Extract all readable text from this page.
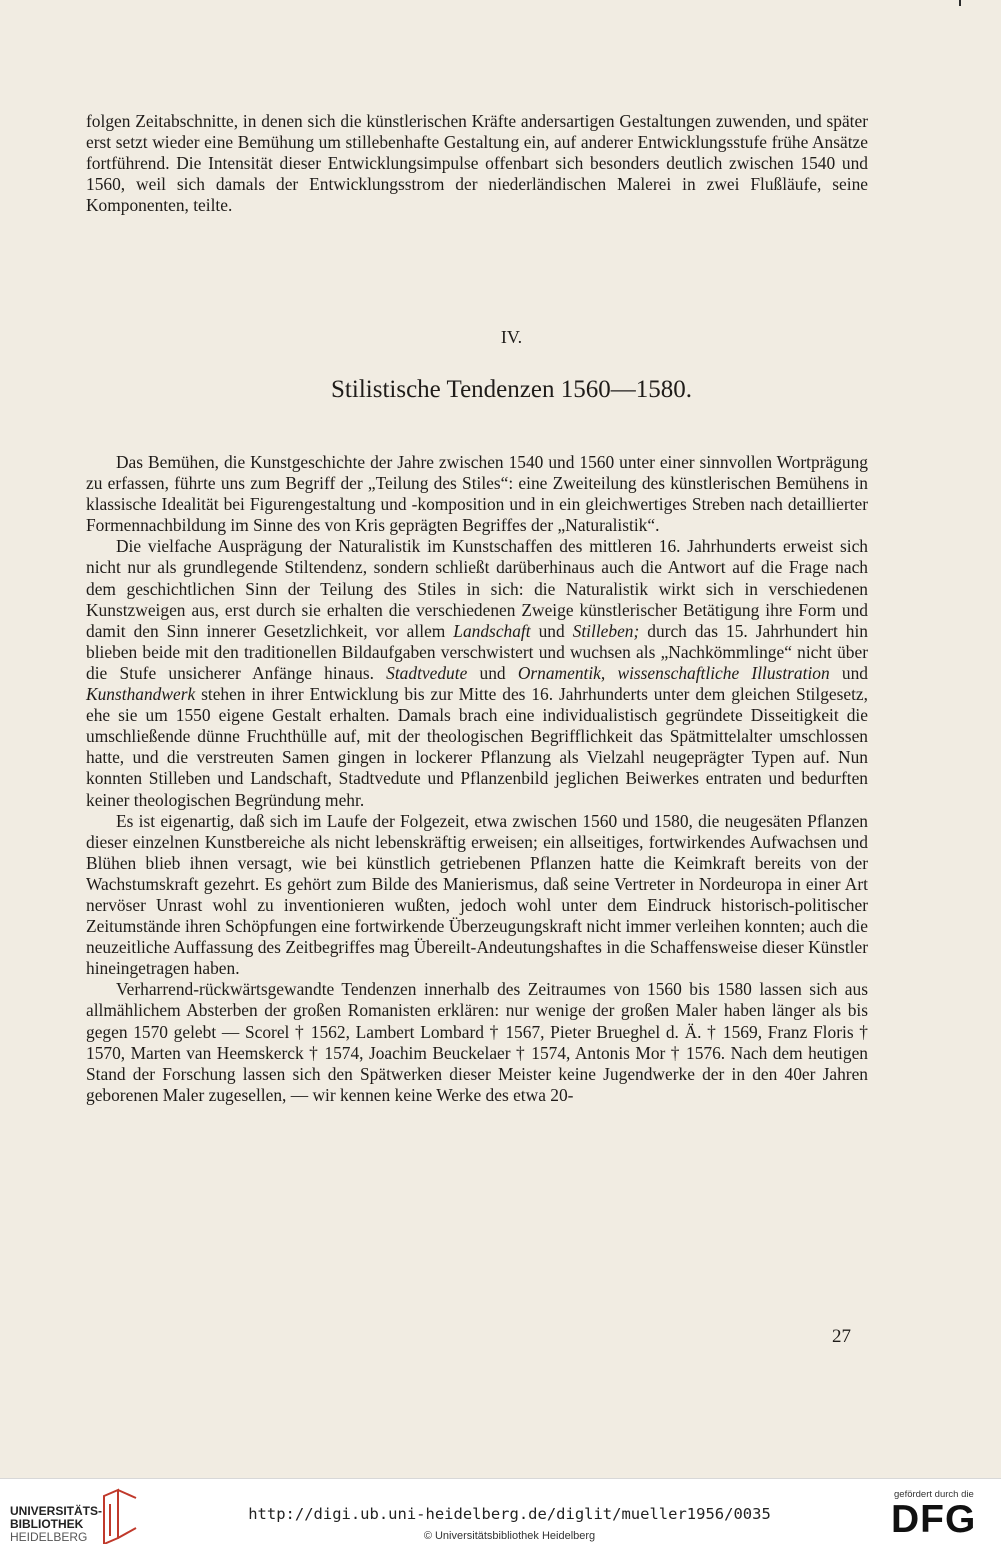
folgen Zeitabschnitte, in denen sich die künstlerischen Kräfte andersartigen Gestaltungen zuwenden, und später erst setzt wieder eine Bemühung um stillebenhafte Gestaltung ein, auf anderer Entwicklungsstufe frühe Ansätze fortführend. Die Intensität dieser Entwicklungsimpulse offenbart sich besonders deutlich zwischen 1540 und 1560, weil sich damals der Entwicklungsstrom der niederländischen Malerei in zwei Flußläufe, seine Komponenten, teilte.

IV.
Stilistische Tendenzen 1560—1580.

Das Bemühen, die Kunstgeschichte der Jahre zwischen 1540 und 1560 unter einer sinnvollen Wortprägung zu erfassen, führte uns zum Begriff der „Teilung des Stiles“: eine Zweiteilung des künstlerischen Bemühens in klassische Idealität bei Figurengestaltung und -komposition und in ein gleichwertiges Streben nach detaillierter Formennachbildung im Sinne des von Kris geprägten Begriffes der „Naturalistik“.

Die vielfache Ausprägung der Naturalistik im Kunstschaffen des mittleren 16. Jahrhunderts erweist sich nicht nur als grundlegende Stiltendenz, sondern schließt darüberhinaus auch die Antwort auf die Frage nach dem geschichtlichen Sinn der Teilung des Stiles in sich: die Naturalistik wirkt sich in verschiedenen Kunstzweigen aus, erst durch sie erhalten die verschiedenen Zweige künstlerischer Betätigung ihre Form und damit den Sinn innerer Gesetzlichkeit, vor allem Landschaft und Stilleben; durch das 15. Jahrhundert hin blieben beide mit den traditionellen Bildaufgaben verschwistert und wuchsen als „Nachkömmlinge“ nicht über die Stufe unsicherer Anfänge hinaus. Stadtvedute und Ornamentik, wissenschaftliche Illustration und Kunsthandwerk stehen in ihrer Entwicklung bis zur Mitte des 16. Jahrhunderts unter dem gleichen Stilgesetz, ehe sie um 1550 eigene Gestalt erhalten. Damals brach eine individualistisch gegründete Disseitigkeit die umschließende dünne Fruchthülle auf, mit der theologischen Begrifflichkeit das Spätmittelalter umschlossen hatte, und die verstreuten Samen gingen in lockerer Pflanzung als Vielzahl neugeprägter Typen auf. Nun konnten Stilleben und Landschaft, Stadtvedute und Pflanzenbild jeglichen Beiwerkes entraten und bedurften keiner theologischen Begründung mehr.

Es ist eigenartig, daß sich im Laufe der Folgezeit, etwa zwischen 1560 und 1580, die neugesäten Pflanzen dieser einzelnen Kunstbereiche als nicht lebenskräftig erweisen; ein allseitiges, fortwirkendes Aufwachsen und Blühen blieb ihnen versagt, wie bei künstlich getriebenen Pflanzen hatte die Keimkraft bereits von der Wachstumskraft gezehrt. Es gehört zum Bilde des Manierismus, daß seine Vertreter in Nordeuropa in einer Art nervöser Unrast wohl zu inventionieren wußten, jedoch wohl unter dem Eindruck historisch-politischer Zeitumstände ihren Schöpfungen eine fortwirkende Überzeugungskraft nicht immer verleihen konnten; auch die neuzeitliche Auffassung des Zeitbegriffes mag Übereilt-Andeutungshaftes in die Schaffensweise dieser Künstler hineingetragen haben.

Verharrend-rückwärtsgewandte Tendenzen innerhalb des Zeitraumes von 1560 bis 1580 lassen sich aus allmählichem Absterben der großen Romanisten erklären: nur wenige der großen Maler haben länger als bis gegen 1570 gelebt — Scorel † 1562, Lambert Lombard † 1567, Pieter Brueghel d. Ä. † 1569, Franz Floris † 1570, Marten van Heemskerck † 1574, Joachim Beuckelaer † 1574, Antonis Mor † 1576. Nach dem heutigen Stand der Forschung lassen sich den Spätwerken dieser Meister keine Jugendwerke der in den 40er Jahren geborenen Maler zugesellen, — wir kennen keine Werke des etwa 20-

27
UNIVERSITÄTS-
BIBLIOTHEK
HEIDELBERG
http://digi.ub.uni-heidelberg.de/diglit/mueller1956/0035
© Universitätsbibliothek Heidelberg
gefördert durch die
DFG
